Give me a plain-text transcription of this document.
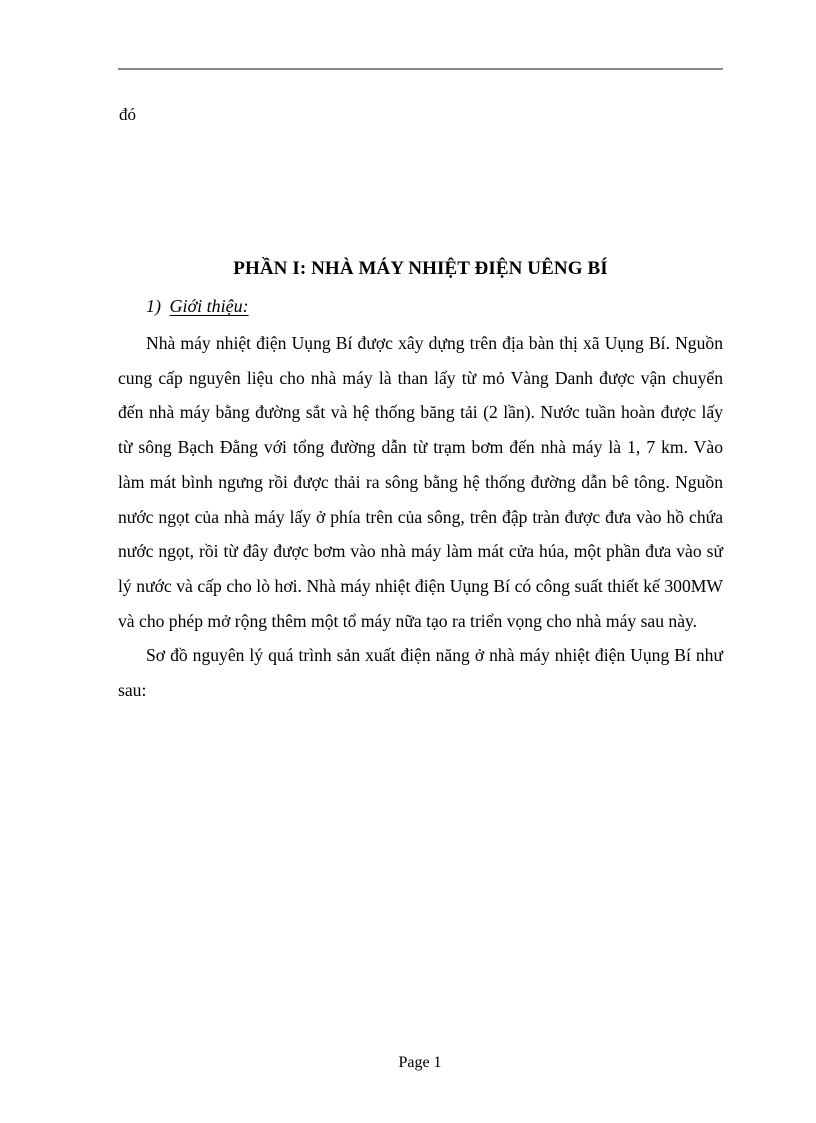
đó
PHẦN I: NHÀ MÁY NHIỆT ĐIỆN UÊNG BÍ
1) Giới thiệu:

Nhà máy nhiệt điện Uụng Bí được xây dựng trên địa bàn thị xã Uụng Bí. Nguồn cung cấp nguyên liệu cho nhà máy là than lấy từ mỏ Vàng Danh được vận chuyển đến nhà máy bằng đường sắt và hệ thống băng tải (2 lần). Nước tuần hoàn được lấy từ sông Bạch Đằng với tổng đường dẫn từ trạm bơm đến nhà máy là 1, 7 km. Vào làm mát bình ngưng rồi được thải ra sông bằng hệ thống đường dẫn bê tông. Nguồn nước ngọt của nhà máy lấy ở phía trên của sông, trên đập tràn được đưa vào hồ chứa nước ngọt, rồi từ đây được bơm vào nhà máy làm mát cửa húa, một phần đưa vào sử lý nước và cấp cho lò hơi. Nhà máy nhiệt điện Uụng Bí có công suất thiết kế 300MW và cho phép mở rộng thêm một tổ máy nữa tạo ra triển vọng cho nhà máy sau này.

Sơ đồ nguyên lý quá trình sản xuất điện năng ở nhà máy nhiệt điện Uụng Bí như sau:

Page 1
